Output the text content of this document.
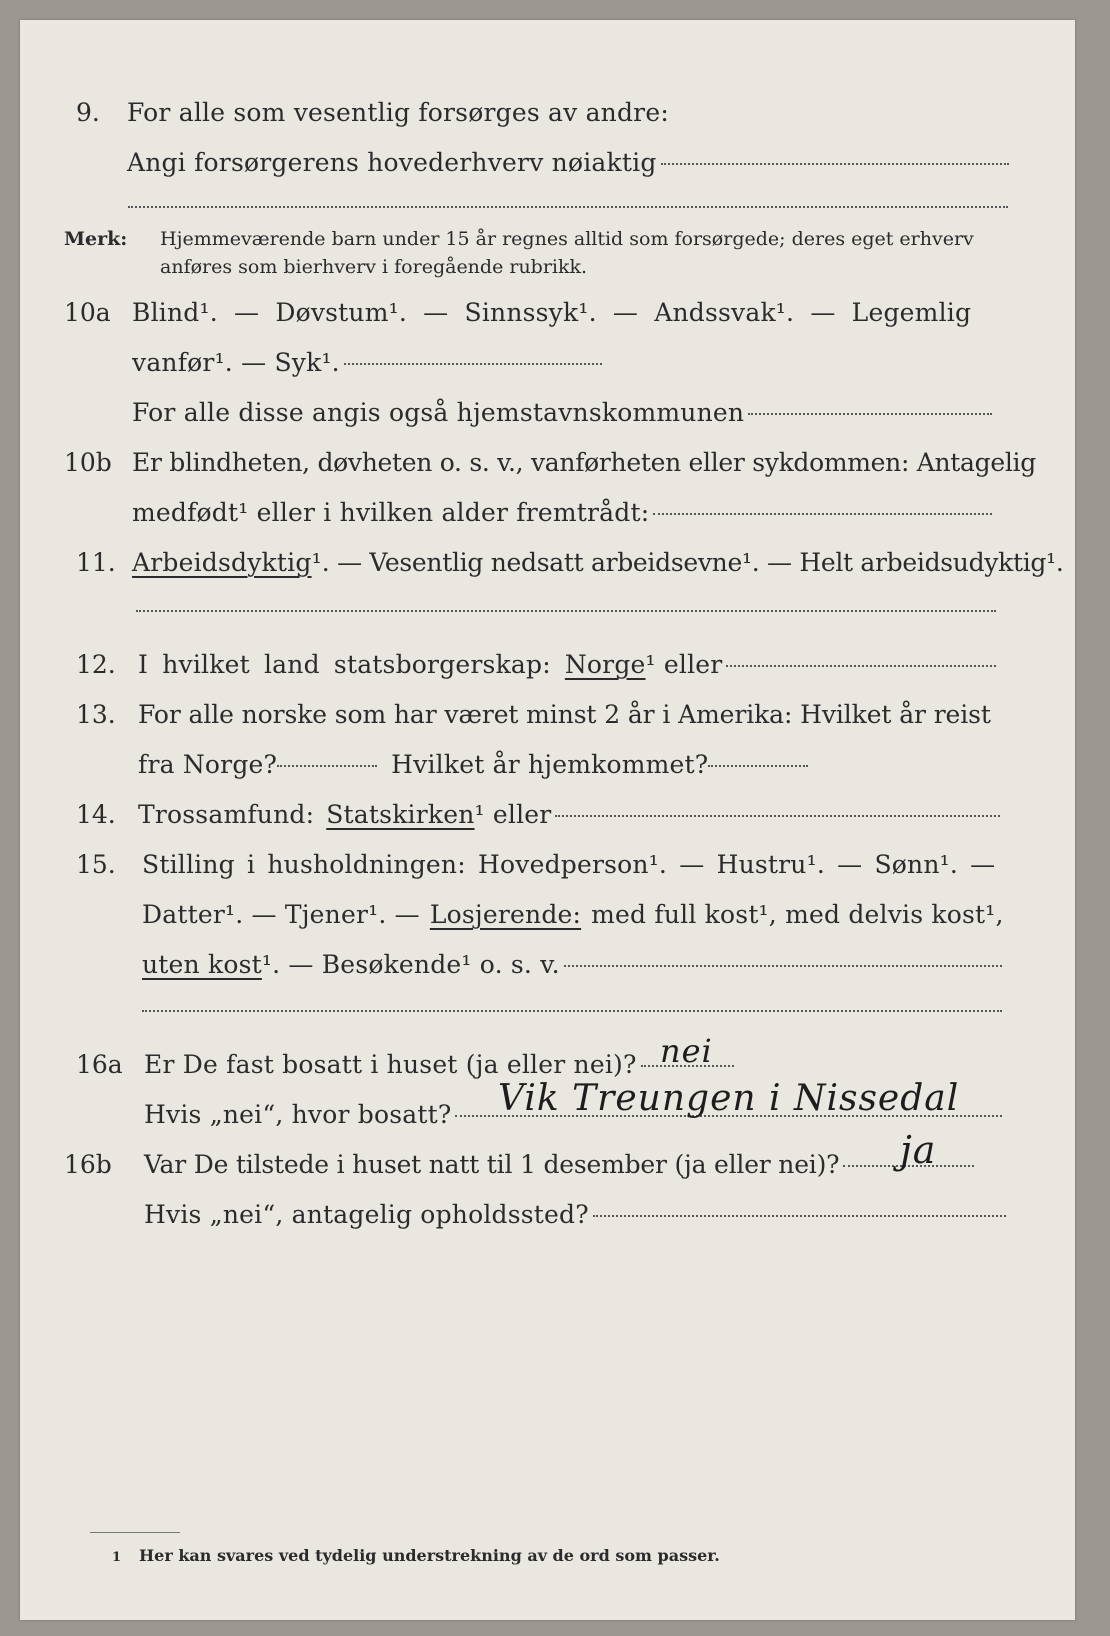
9. For alle som vesentlig forsørges av andre:
Angi forsørgerens hovederhverv nøiaktig
Merk:	Hjemmeværende barn under 15 år regnes alltid som forsørgede; deres eget erhverv
anføres som bierhverv i foregående rubrikk.
10a Blind¹. — Døvstum¹. — Sinnssyk¹. — Andssvak¹. — Legemlig
vanfør¹. — Syk¹.
For alle disse angis også hjemstavnskommunen
10b Er blindheten, døvheten o. s. v., vanførheten eller sykdommen: Antagelig
medfødt¹ eller i hvilken alder fremtrådt:
11. Arbeidsdyktig ¹ . — Vesentlig nedsatt arbeidsevne¹. — Helt arbeidsudyktig¹.
12. I hvilket land statsborgerskap: Norge ¹ eller
13. For alle norske som har været minst 2 år i Amerika: Hvilket år reist
fra Norge?	Hvilket år hjemkommet?
14. Trossamfund: Statskirken ¹ eller
15. Stilling i husholdningen: Hovedperson¹. — Hustru¹. — Sønn¹. —
Datter¹. — Tjener¹. — Losjerende: med full kost¹, med delvis kost¹,
uten kost ¹. — Besøkende¹ o. s. v.
16a Er De fast bosatt i huset (ja eller nei)? nei
Hvis „nei“, hvor bosatt? Vik Treungen i Nissedal
16b Var De tilstede i huset natt til 1 desember (ja eller nei)? ja
Hvis „nei“, antagelig opholdssted?
1 Her kan svares ved tydelig understrekning av de ord som passer.
